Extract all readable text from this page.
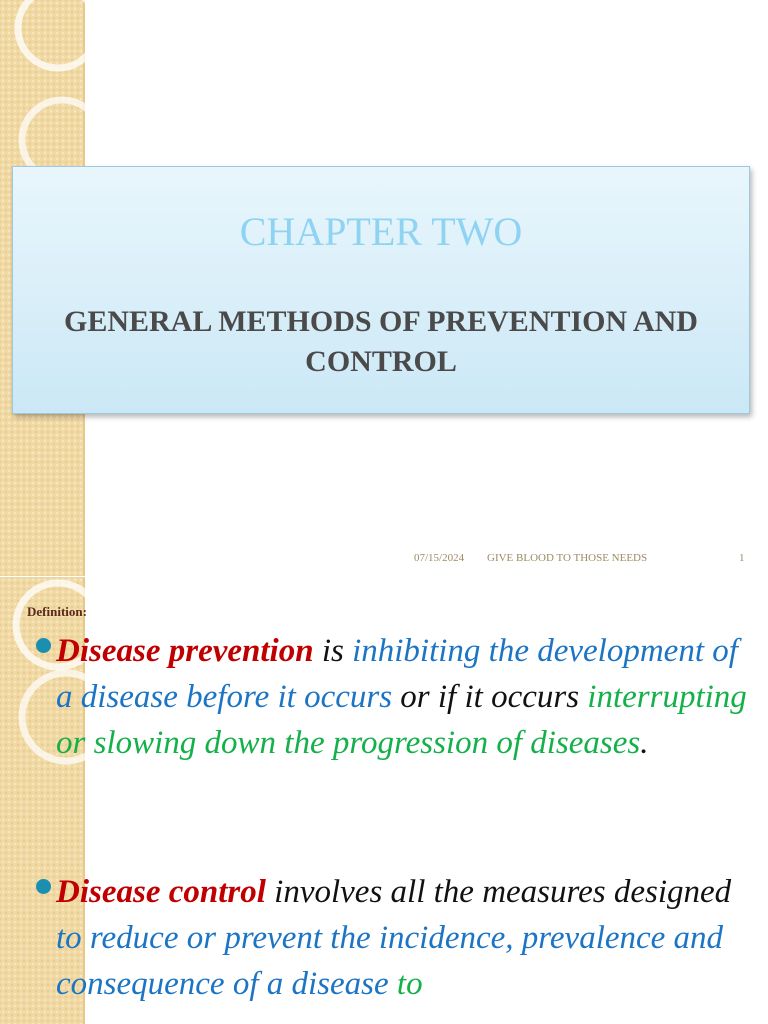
CHAPTER TWO
GENERAL METHODS OF PREVENTION AND CONTROL
07/15/2024 GIVE BLOOD TO THOSE NEEDS	1
Definition:
Disease prevention is inhibiting the development of a disease before it occurs or if it occurs interrupting or slowing down the progression of diseases.
Disease control involves all the measures designed to reduce or prevent the incidence, prevalence and consequence of a disease to
